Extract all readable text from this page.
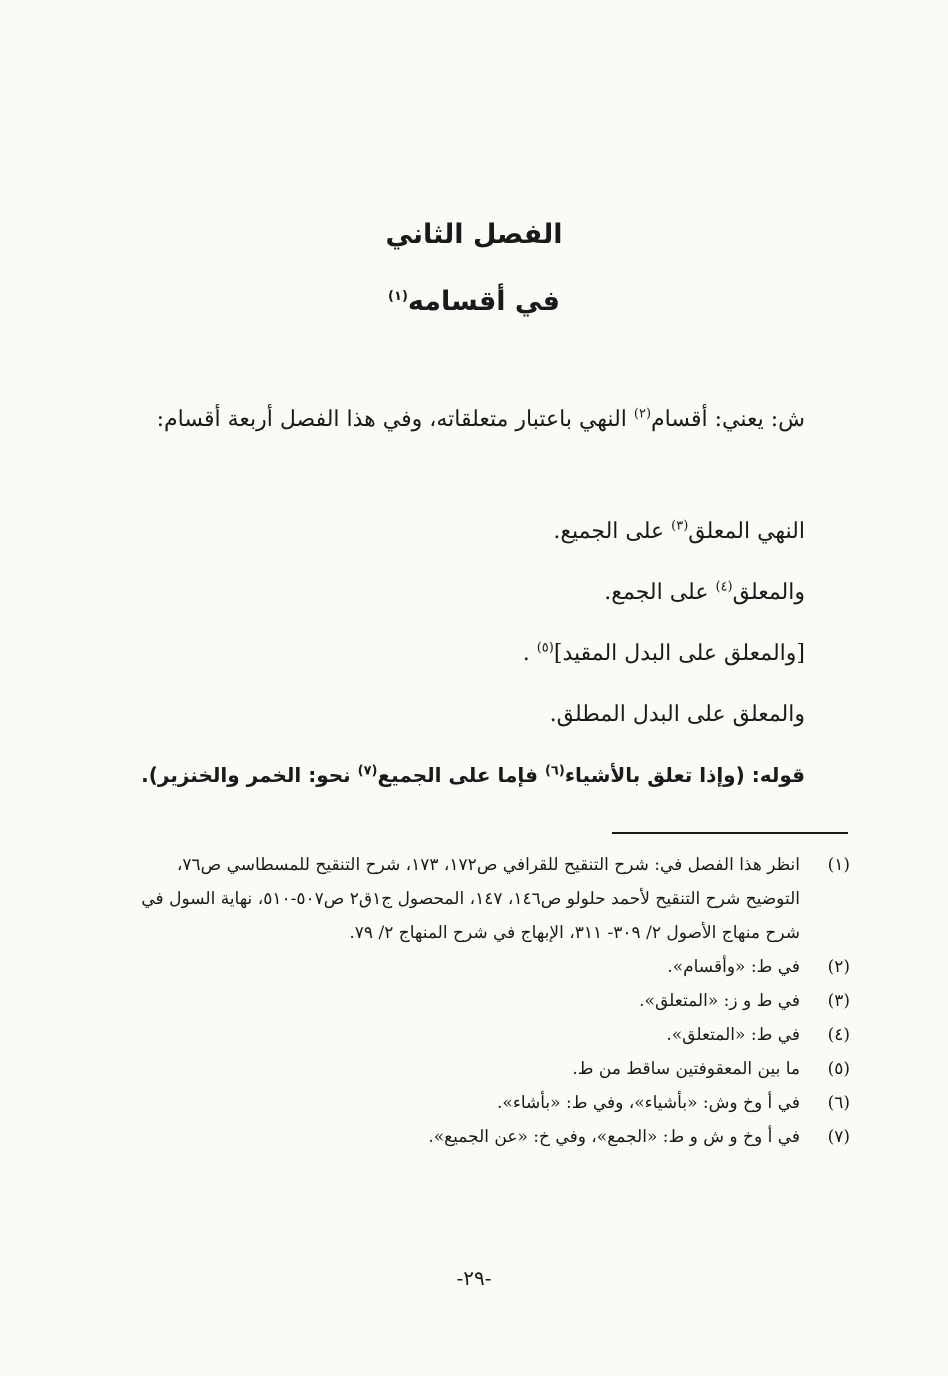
الفصل الثاني
في أقسامه$^{(١)}$

ش: يعني: أقسام$^{(٢)}$ النهي باعتبار متعلقاته، وفي هذا الفصل أربعة أقسام:

النهي المعلق$^{(٣)}$ على الجميع.

والمعلق$^{(٤)}$ على الجمع.

[والمعلق على البدل المقيد]$^{(٥)}$ .

والمعلق على البدل المطلق.

قوله: (وإذا تعلق بالأشياء$^{(٦)}$ فإما على الجميع$^{(٧)}$ نحو: الخمر والخنزير).

(١)
انظر هذا الفصل في: شرح التنقيح للقرافي ص١٧٢، ١٧٣، شرح التنقيح للمسطاسي ص٧٦، التوضيح شرح التنقيح لأحمد حلولو ص١٤٦، ١٤٧، المحصول ج١ق٢ ص٥٠٧-٥١٠، نهاية السول في شرح منهاج الأصول ٢/ ٣٠٩- ٣١١، الإبهاج في شرح المنهاج ٢/ ٧٩.
(٢)
في ط: «وأقسام».
(٣)
في ط و ز: «المتعلق».
(٤)
في ط: «المتعلق».
(٥)
ما بين المعقوفتين ساقط من ط.
(٦)
في أ وخ وش: «بأشياء»، وفي ط: «بأشاء».
(٧)
في أ وخ و ش و ط: «الجمع»، وفي خ: «عن الجميع».
-٢٩-
